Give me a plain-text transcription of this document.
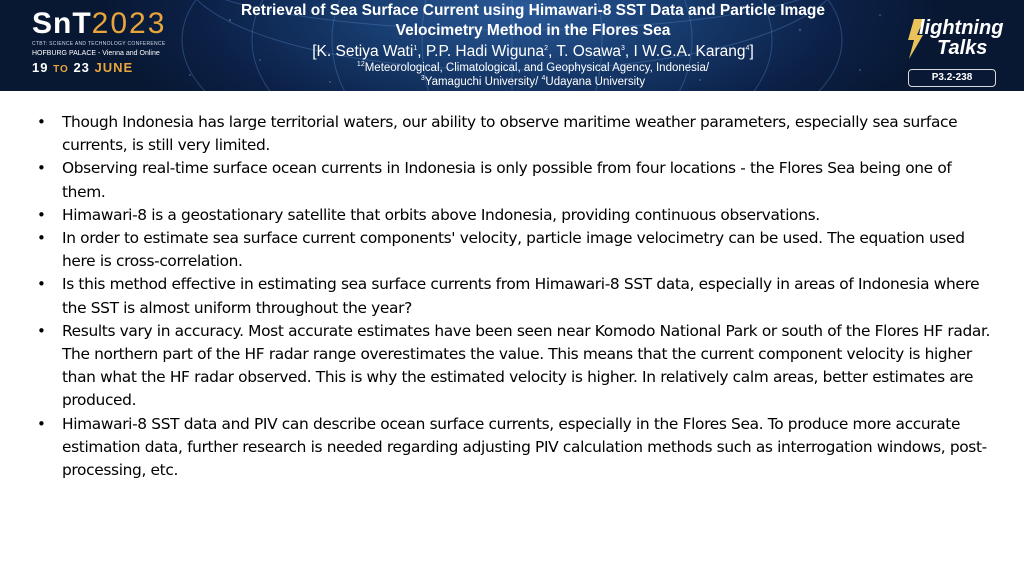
SnT2023
CTBT: SCIENCE AND TECHNOLOGY CONFERENCE
HOFBURG PALACE - Vienna and Online
19 TO 23 JUNE
Retrieval of Sea Surface Current using Himawari-8 SST Data and Particle Image
Velocimetry Method in the Flores Sea
[K. Setiya Wati$^1$, P.P. Hadi Wiguna$^2$, T. Osawa$^3$, I W.G.A. Karang$^4$]
$^{12}$Meteorological, Climatological, and Geophysical Agency, Indonesia/
$^3$Yamaguchi University/ $^4$Udayana University
lightning
Talks
P3.2-238
• Though Indonesia has large territorial waters, our ability to observe maritime weather parameters, especially sea surface currents, is still very limited.
• Observing real-time surface ocean currents in Indonesia is only possible from four locations - the Flores Sea being one of them.
• Himawari-8 is a geostationary satellite that orbits above Indonesia, providing continuous observations.
• In order to estimate sea surface current components' velocity, particle image velocimetry can be used. The equation used here is cross-correlation.
• Is this method effective in estimating sea surface currents from Himawari-8 SST data, especially in areas of Indonesia where the SST is almost uniform throughout the year?
• Results vary in accuracy. Most accurate estimates have been seen near Komodo National Park or south of the Flores HF radar. The northern part of the HF radar range overestimates the value. This means that the current component velocity is higher than what the HF radar observed. This is why the estimated velocity is higher. In relatively calm areas, better estimates are produced.
• Himawari-8 SST data and PIV can describe ocean surface currents, especially in the Flores Sea. To produce more accurate estimation data, further research is needed regarding adjusting PIV calculation methods such as interrogation windows, post-processing, etc.
